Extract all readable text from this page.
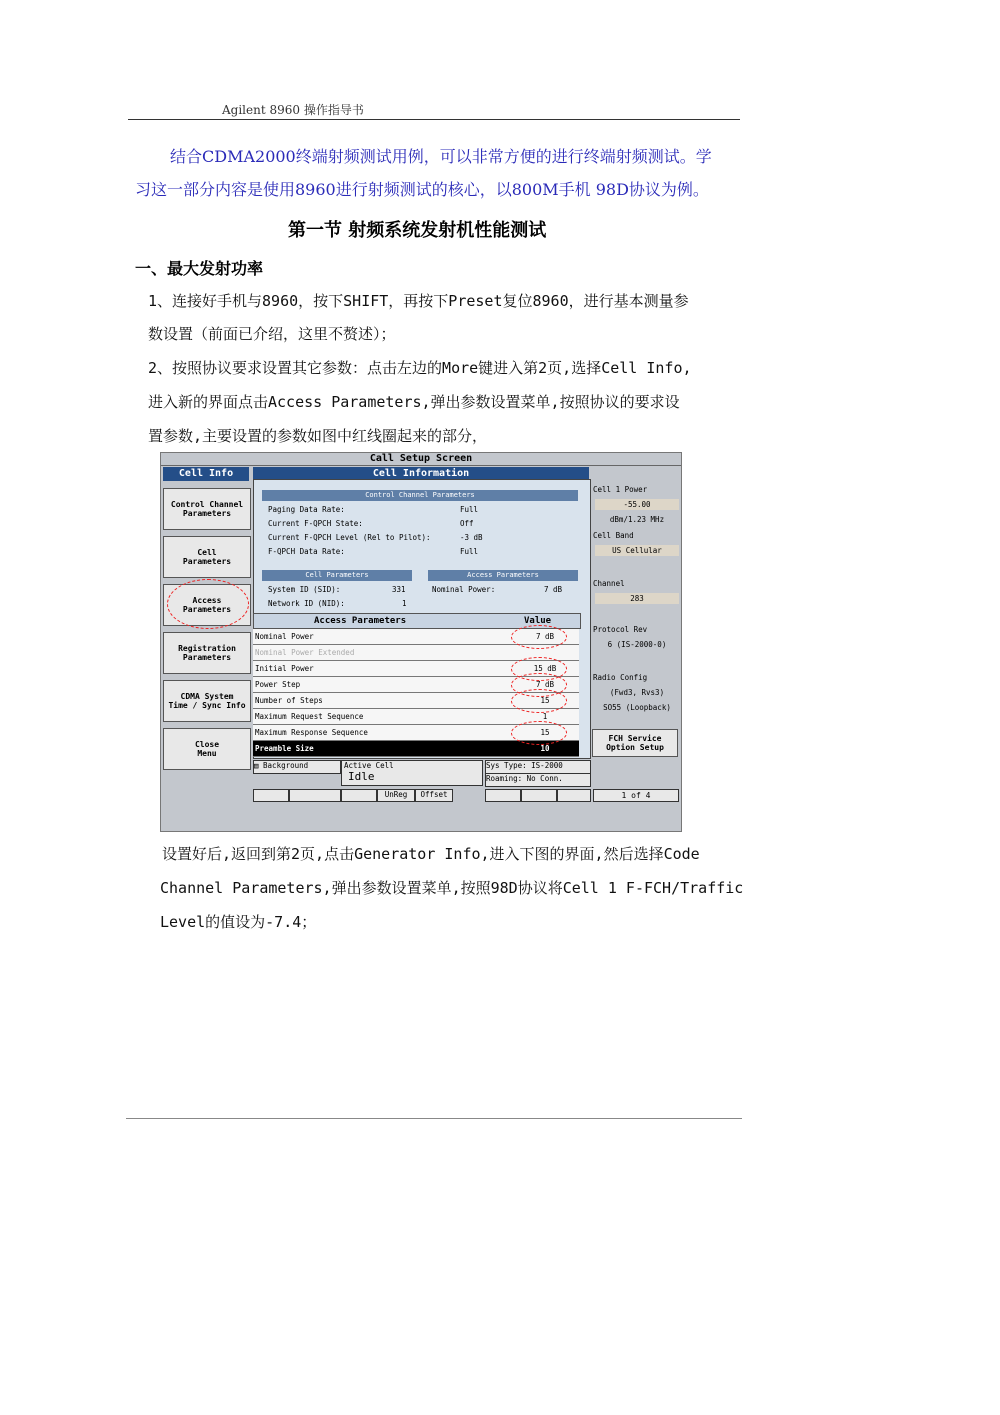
Agilent 8960 操作指导书
结合CDMA2000终端射频测试用例，可以非常方便的进行终端射频测试。学
习这一部分内容是使用8960进行射频测试的核心，以800M手机 98D协议为例。
第一节 射频系统发射机性能测试
一、最大发射功率
1、连接好手机与8960，按下SHIFT，再按下Preset复位8960，进行基本测量参
数设置（前面已介绍，这里不赘述）；
2、按照协议要求设置其它参数：点击左边的More键进入第2页,选择Cell Info,
进入新的界面点击Access Parameters,弹出参数设置菜单,按照协议的要求设
置参数,主要设置的参数如图中红线圈起来的部分，
Call Setup Screen
Cell Info	Cell Information
Control Channel
Parameters
Cell
Parameters
Access
Parameters
Registration
Parameters
CDMA System
Time / Sync Info
Close
Menu
Control Channel Parameters
Paging Data Rate:	Full
Current F-QPCH State:	Off
Current F-QPCH Level (Rel to Pilot):	-3 dB
F-QPCH Data Rate:	Full
Cell Parameters	Access Parameters
System ID (SID):	331
Network ID (NID):	1
Nominal Power:	7 dB
Access Parameters	Value
Nominal Power	7 dB
Nominal Power Extended
Initial Power	15 dB
Power Step	7 dB
Number of Steps	15
Maximum Request Sequence	1
Maximum Response Sequence	15
Preamble Size	10
Cell 1 Power
-55.00
dBm/1.23 MHz
Cell Band
US Cellular
Channel
283
Protocol Rev
6 (IS-2000-0)
Radio Config
(Fwd3, Rvs3)
SO55 (Loopback)
FCH Service
Option Setup
1 of 4
▤ Background	Active Cell
Idle
Sys Type: IS-2000
Roaming: No Conn.
UnReg	Offset
设置好后,返回到第2页,点击Generator Info,进入下图的界面,然后选择Code
Channel Parameters,弹出参数设置菜单,按照98D协议将Cell 1 F-FCH/Traffic
Level的值设为-7.4；
